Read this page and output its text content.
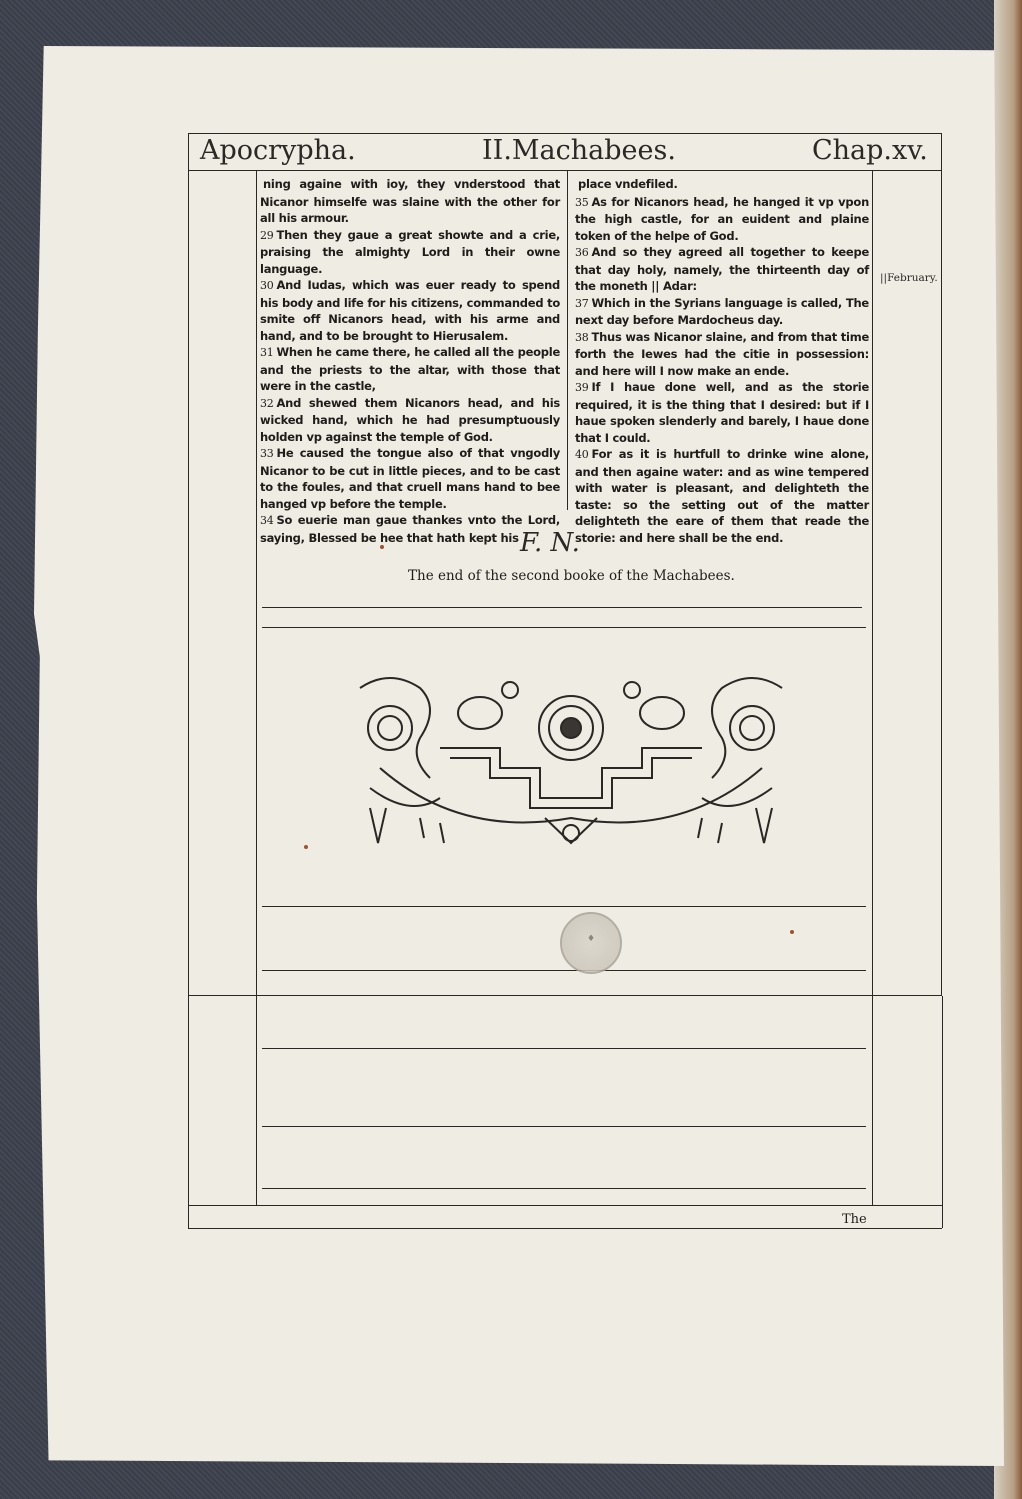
Apocrypha.	II.Machabees.	Chap.xv.

ning againe with ioy, they vnderstood that Nicanor himselfe was slaine with the other for all his armour.

29 Then they gaue a great showte and a crie, praising the almighty Lord in their owne language.

30 And Iudas, which was euer ready to spend his body and life for his citizens, commanded to smite off Nicanors head, with his arme and hand, and to be brought to Hierusalem.

31 When he came there, he called all the people and the priests to the altar, with those that were in the castle,

32 And shewed them Nicanors head, and his wicked hand, which he had presumptuously holden vp against the temple of God.

33 He caused the tongue also of that vngodly Nicanor to be cut in little pieces, and to be cast to the foules, and that cruell mans hand to bee hanged vp before the temple.

34 So euerie man gaue thankes vnto the Lord, saying, Blessed be hee that hath kept his

place vndefiled.

35 As for Nicanors head, he hanged it vp vpon the high castle, for an euident and plaine token of the helpe of God.

36 And so they agreed all together to keepe that day holy, namely, the thirteenth day of the moneth || Adar:

37 Which in the Syrians language is called, The next day before Mardocheus day.

38 Thus was Nicanor slaine, and from that time forth the Iewes had the citie in possession: and here will I now make an ende.

39 If I haue done well, and as the storie required, it is the thing that I desired: but if I haue spoken slenderly and barely, I haue done that I could.

40 For as it is hurtfull to drinke wine alone, and then againe water: and as wine tempered with water is pleasant, and delighteth the taste: so the setting out of the matter delighteth the eare of them that reade the storie: and here shall be the end.

||February.
F. N.
The end of the second booke of the Machabees.
♦
The
